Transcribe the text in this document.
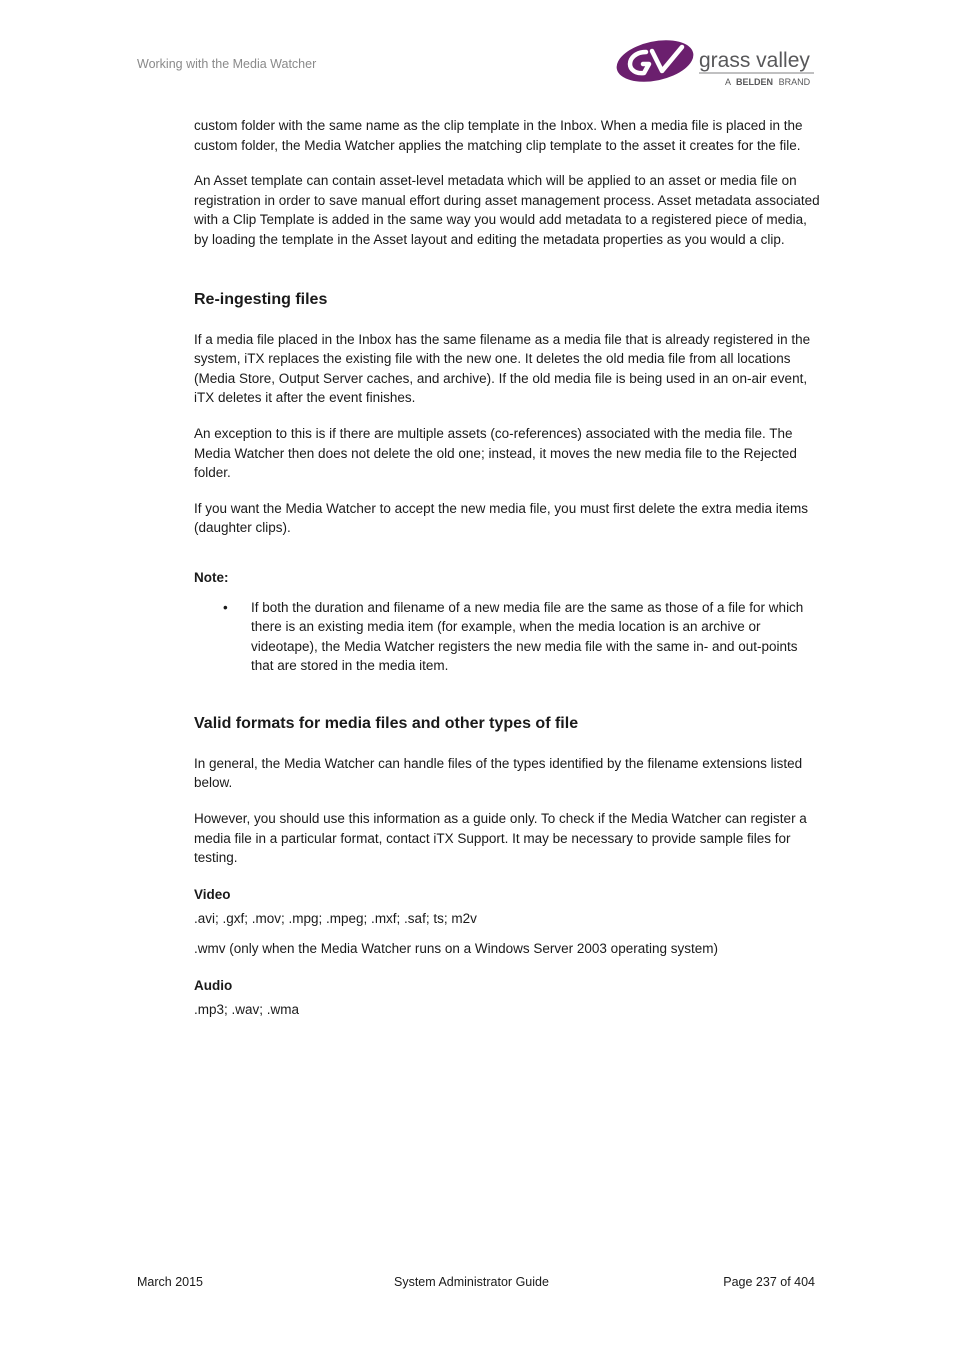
Working with the Media Watcher	grass valley
A BELDEN BRAND

custom folder with the same name as the clip template in the Inbox. When a media file is placed in the custom folder, the Media Watcher applies the matching clip template to the asset it creates for the file.

An Asset template can contain asset-level metadata which will be applied to an asset or media file on registration in order to save manual effort during asset management process. Asset metadata associated with a Clip Template is added in the same way you would add metadata to a registered piece of media, by loading the template in the Asset layout and editing the metadata properties as you would a clip.

Re-ingesting files

If a media file placed in the Inbox has the same filename as a media file that is already registered in the system, iTX replaces the existing file with the new one. It deletes the old media file from all locations (Media Store, Output Server caches, and archive). If the old media file is being used in an on-air event, iTX deletes it after the event finishes.

An exception to this is if there are multiple assets (co-references) associated with the media file. The Media Watcher then does not delete the old one; instead, it moves the new media file to the Rejected folder.

If you want the Media Watcher to accept the new media file, you must first delete the extra media items (daughter clips).

Note:

• If both the duration and filename of a new media file are the same as those of a file for which there is an existing media item (for example, when the media location is an archive or videotape), the Media Watcher registers the new media file with the same in- and out-points that are stored in the media item.
Valid formats for media files and other types of file

In general, the Media Watcher can handle files of the types identified by the filename extensions listed below.

However, you should use this information as a guide only. To check if the Media Watcher can register a media file in a particular format, contact iTX Support. It may be necessary to provide sample files for testing.

Video

.avi; .gxf; .mov; .mpg; .mpeg; .mxf; .saf; ts; m2v

.wmv (only when the Media Watcher runs on a Windows Server 2003 operating system)

Audio

.mp3; .wav; .wma

March 2015	System Administrator Guide	Page 237 of 404
